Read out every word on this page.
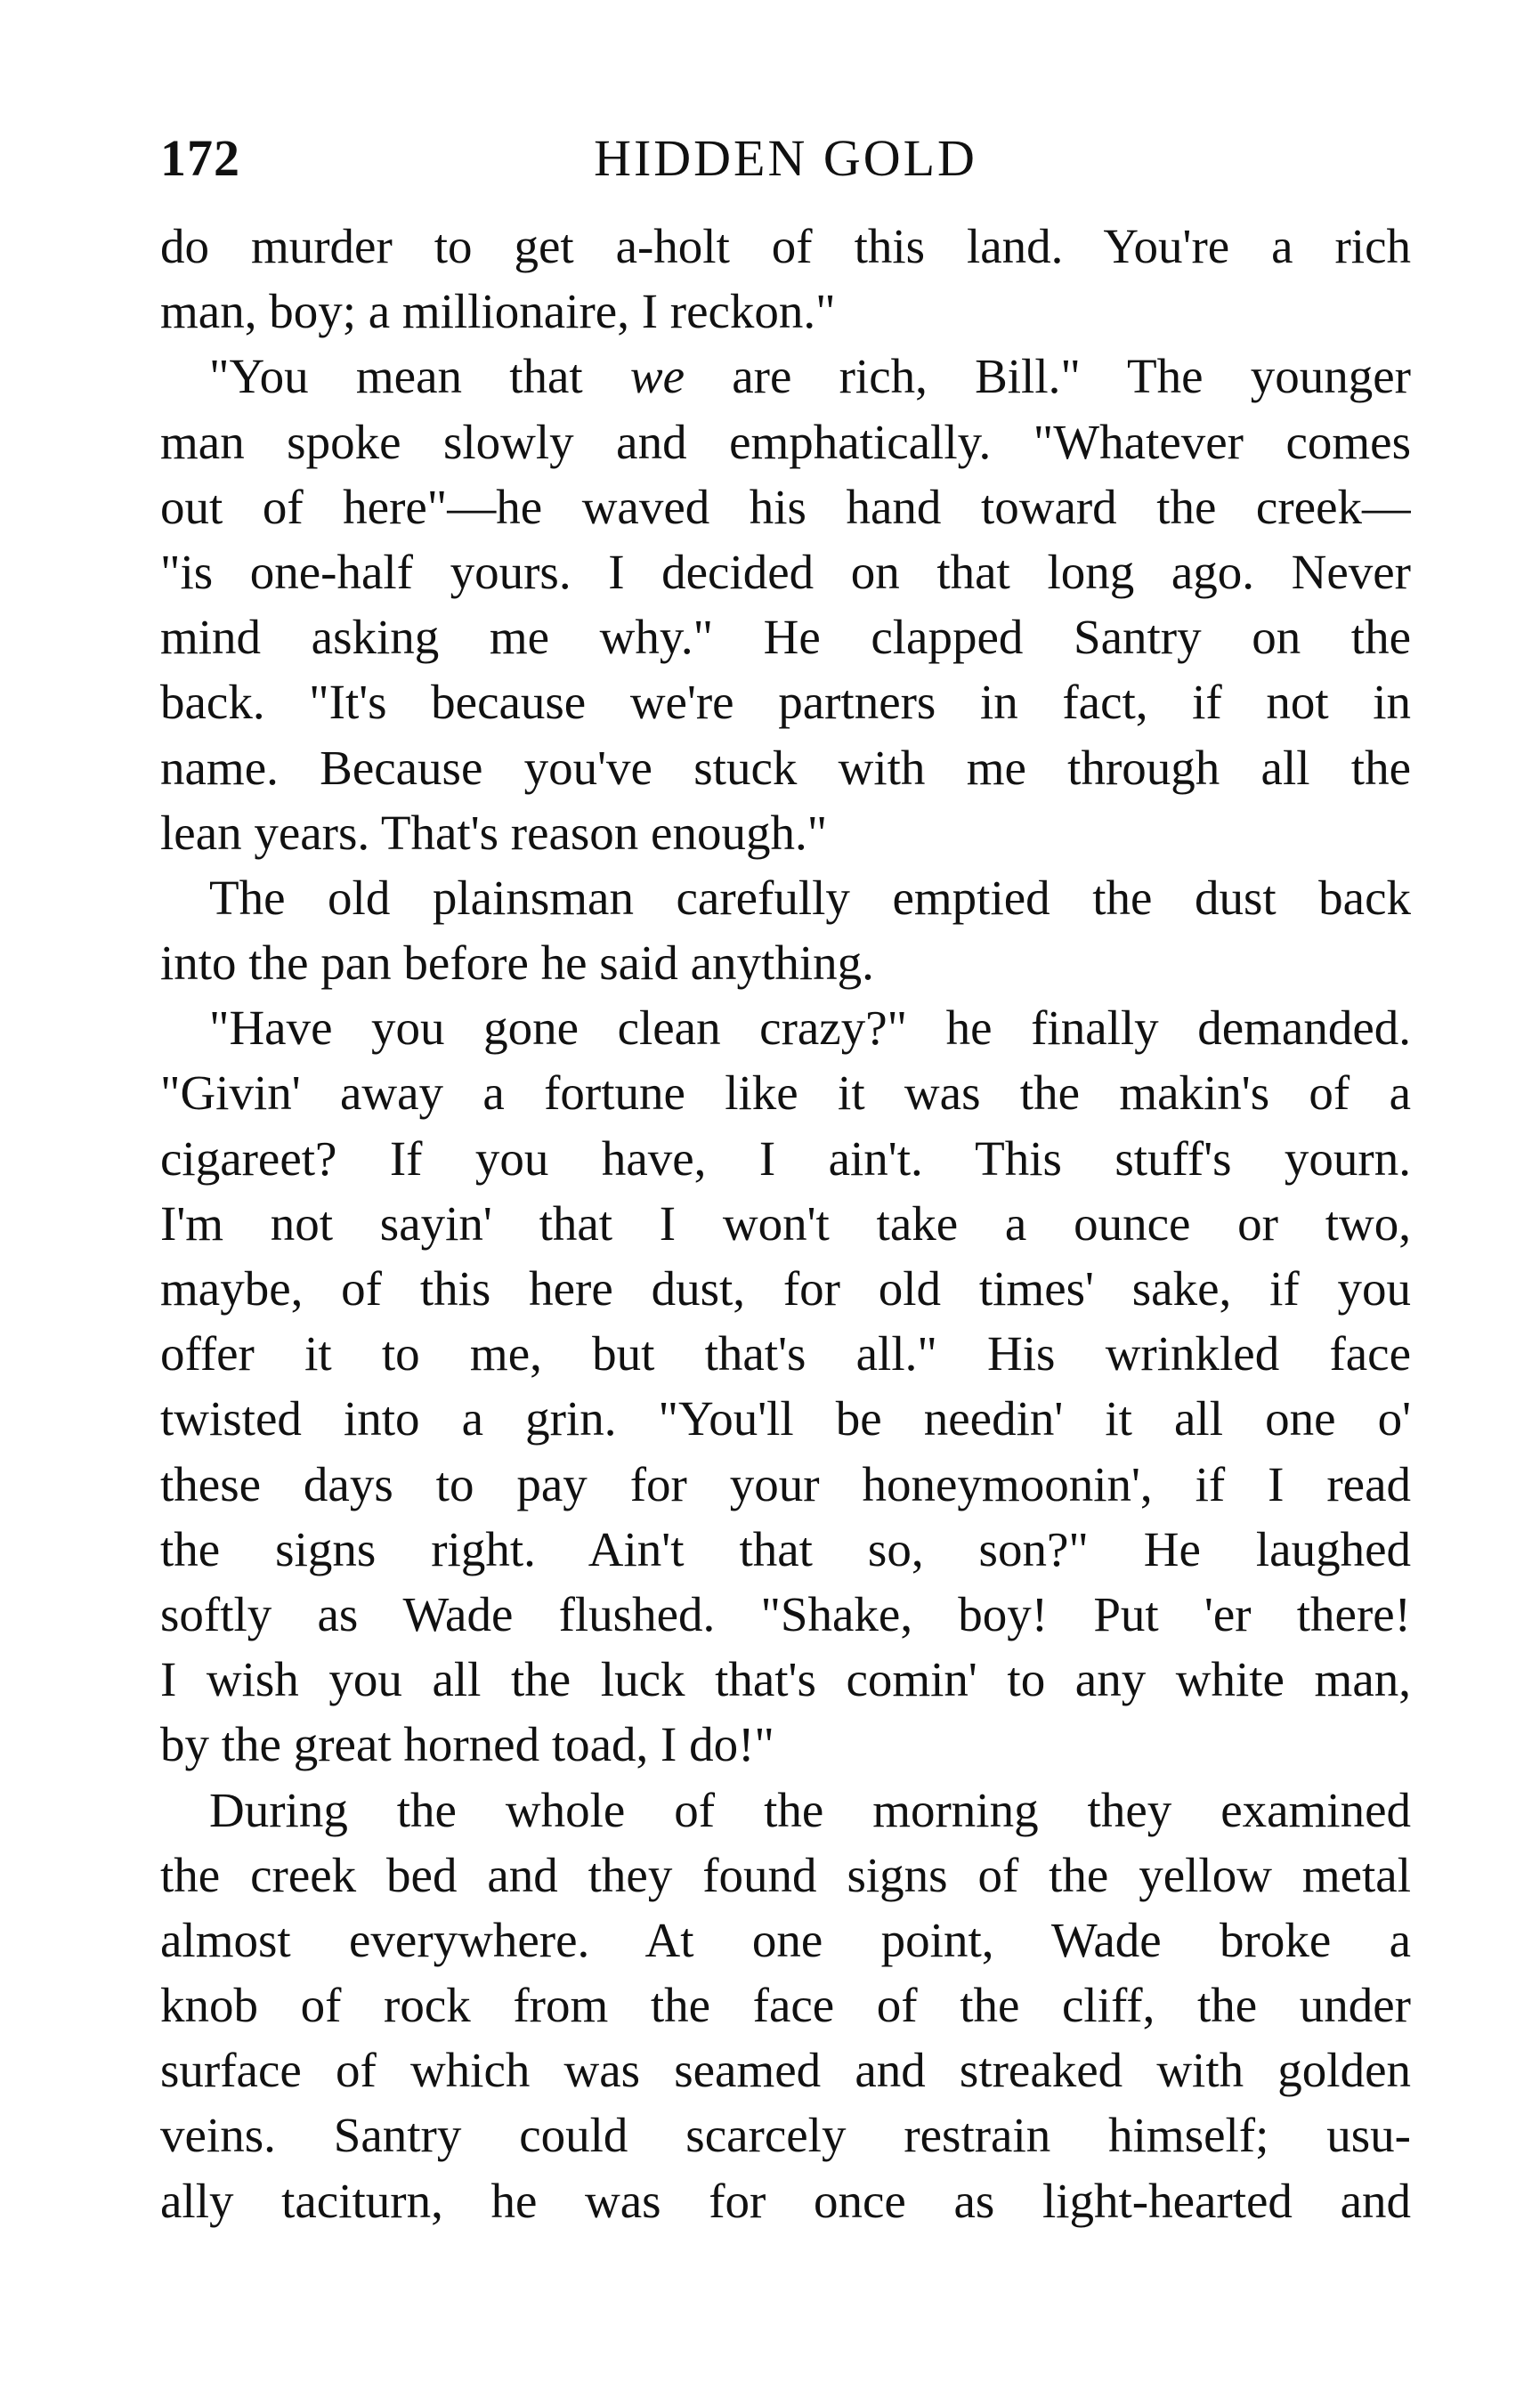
172	HIDDEN GOLD
do murder to get a-holt of this land. You're a rich
man, boy; a millionaire, I reckon."
"You mean that we are rich, Bill." The younger
man spoke slowly and emphatically. "Whatever comes
out of here"—he waved his hand toward the creek—
"is one-half yours. I decided on that long ago. Never
mind asking me why." He clapped Santry on the
back. "It's because we're partners in fact, if not in
name. Because you've stuck with me through all the
lean years. That's reason enough."
The old plainsman carefully emptied the dust back
into the pan before he said anything.
"Have you gone clean crazy?" he finally demanded.
"Givin' away a fortune like it was the makin's of a
cigareet? If you have, I ain't. This stuff's yourn.
I'm not sayin' that I won't take a ounce or two,
maybe, of this here dust, for old times' sake, if you
offer it to me, but that's all." His wrinkled face
twisted into a grin. "You'll be needin' it all one o'
these days to pay for your honeymoonin', if I read
the signs right. Ain't that so, son?" He laughed
softly as Wade flushed. "Shake, boy! Put 'er there!
I wish you all the luck that's comin' to any white man,
by the great horned toad, I do!"
During the whole of the morning they examined
the creek bed and they found signs of the yellow metal
almost everywhere. At one point, Wade broke a
knob of rock from the face of the cliff, the under
surface of which was seamed and streaked with golden
veins. Santry could scarcely restrain himself; usu-
ally taciturn, he was for once as light-hearted and
